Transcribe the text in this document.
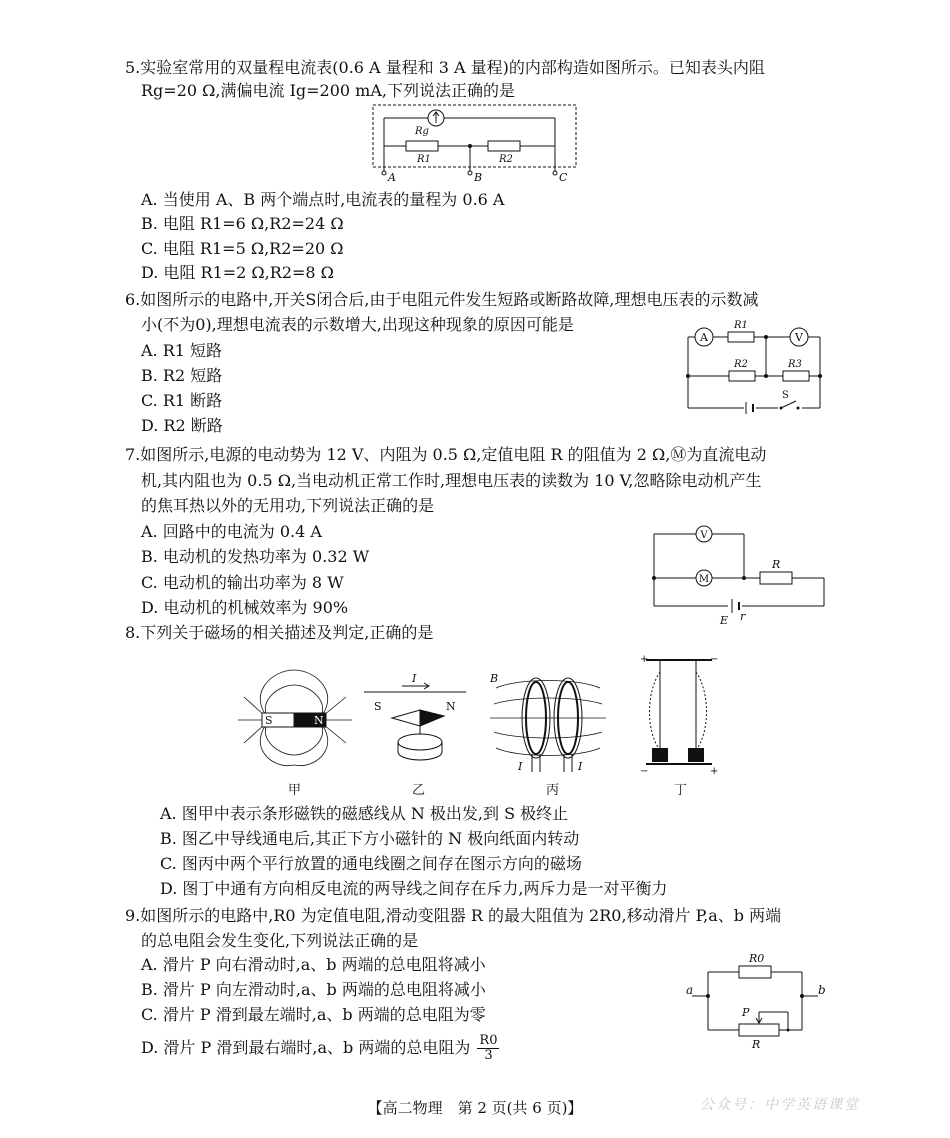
5.实验室常用的双量程电流表(0.6 A 量程和 3 A 量程)的内部构造如图所示。已知表头内阻
Rg=20 Ω,满偏电流 Ig=200 mA,下列说法正确的是
Rg
R1	R2
A	B	C
A. 当使用 A、B 两个端点时,电流表的量程为 0.6 A
B. 电阻 R1=6 Ω,R2=24 Ω
C. 电阻 R1=5 Ω,R2=20 Ω
D. 电阻 R1=2 Ω,R2=8 Ω
6.如图所示的电路中,开关S闭合后,由于电阻元件发生短路或断路故障,理想电压表的示数减
小(不为0),理想电流表的示数增大,出现这种现象的原因可能是
A	V
R1
R2	R3
S
A. R1 短路
B. R2 短路
C. R1 断路
D. R2 断路
7.如图所示,电源的电动势为 12 V、内阻为 0.5 Ω,定值电阻 R 的阻值为 2 Ω,Ⓜ为直流电动
机,其内阻也为 0.5 Ω,当电动机正常工作时,理想电压表的读数为 10 V,忽略除电动机产生
的焦耳热以外的无用功,下列说法正确的是
V
M
R
E r
A. 回路中的电流为 0.4 A
B. 电动机的发热功率为 0.32 W
C. 电动机的输出功率为 8 W
D. 电动机的机械效率为 90%
8.下列关于磁场的相关描述及判定,正确的是
S	N
甲
I
S	N
乙
B
I	I
丙
+	−
−	+
丁
A. 图甲中表示条形磁铁的磁感线从 N 极出发,到 S 极终止
B. 图乙中导线通电后,其正下方小磁针的 N 极向纸面内转动
C. 图丙中两个平行放置的通电线圈之间存在图示方向的磁场
D. 图丁中通有方向相反电流的两导线之间存在斥力,两斥力是一对平衡力
9.如图所示的电路中,R0 为定值电阻,滑动变阻器 R 的最大阻值为 2R0,移动滑片 P,a、b 两端
的总电阻会发生变化,下列说法正确的是
R0
a	b
P
R
A. 滑片 P 向右滑动时,a、b 两端的总电阻将减小
B. 滑片 P 向左滑动时,a、b 两端的总电阻将减小
C. 滑片 P 滑到最左端时,a、b 两端的总电阻为零
D. 滑片 P 滑到最右端时,a、b 两端的总电阻为 $\frac{R0}{3}$
【高二物理　第 2 页(共 6 页)】	公众号：中学英语课堂
